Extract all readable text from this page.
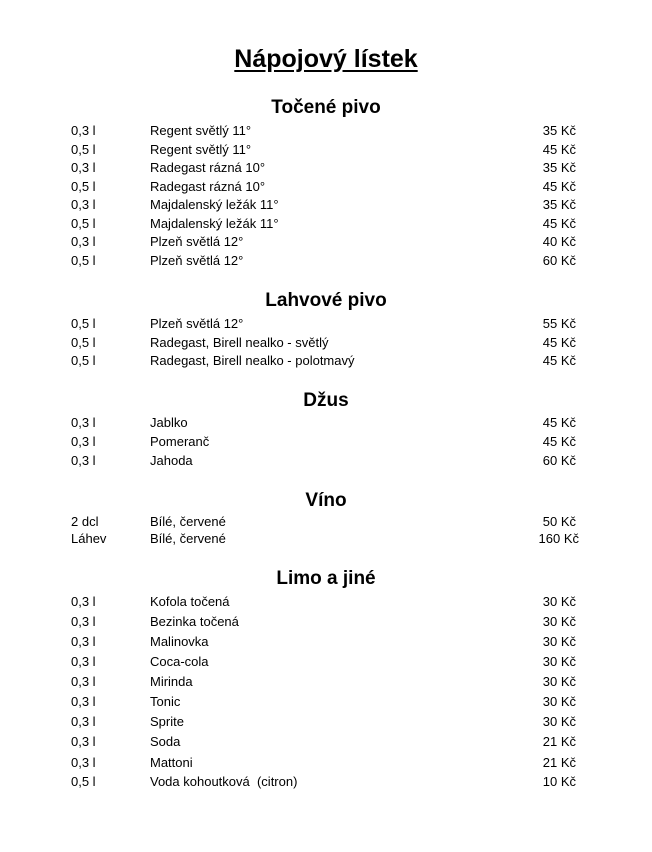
Nápojový lístek
Točené pivo
0,3 l	Regent světlý 11°	35 Kč
0,5 l	Regent světlý 11°	45 Kč
0,3 l	Radegast rázná 10°	35 Kč
0,5 l	Radegast rázná 10°	45 Kč
0,3 l	Majdalenský ležák 11°	35 Kč
0,5 l	Majdalenský ležák 11°	45 Kč
0,3 l	Plzeň světlá 12°	40 Kč
0,5 l	Plzeň světlá 12°	60 Kč
Lahvové pivo
0,5 l	Plzeň světlá 12°	55 Kč
0,5 l	Radegast, Birell nealko - světlý	45 Kč
0,5 l	Radegast, Birell nealko - polotmavý	45 Kč
Džus
0,3 l	Jablko	45 Kč
0,3 l	Pomeranč	45 Kč
0,3 l	Jahoda	60 Kč
Víno
2 dcl	Bílé, červené	50 Kč
Láhev	Bílé, červené	160 Kč
Limo a jiné
0,3 l	Kofola točená	30 Kč
0,3 l	Bezinka točená	30 Kč
0,3 l	Malinovka	30 Kč
0,3 l	Coca-cola	30 Kč
0,3 l	Mirinda	30 Kč
0,3 l	Tonic	30 Kč
0,3 l	Sprite	30 Kč
0,3 l	Soda	21 Kč
0,3 l	Mattoni	21 Kč
0,5 l	Voda kohoutková  (citron)	10 Kč
